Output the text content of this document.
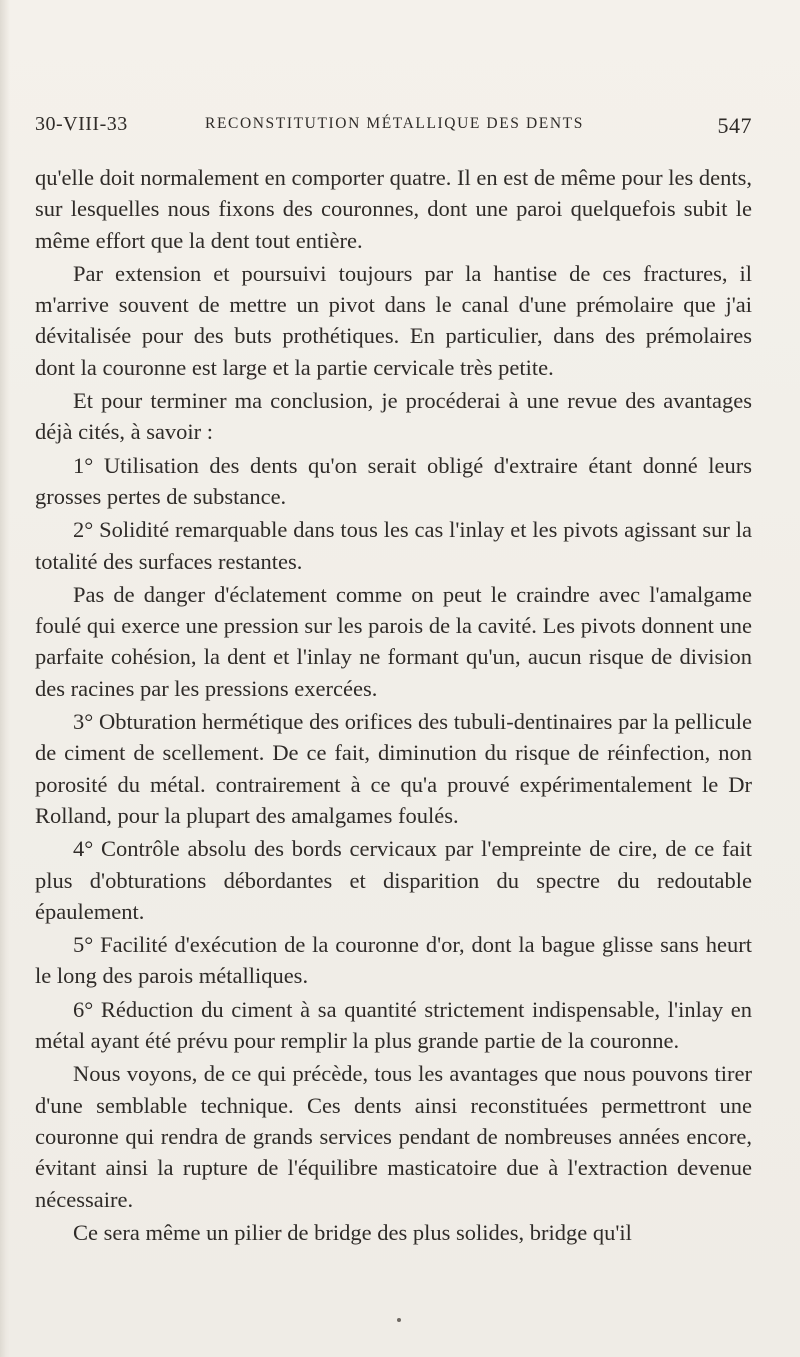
30-VIII-33	RECONSTITUTION MÉTALLIQUE DES DENTS	547

qu'elle doit normalement en comporter quatre. Il en est de même pour les dents, sur lesquelles nous fixons des couronnes, dont une paroi quelquefois subit le même effort que la dent tout entière.

Par extension et poursuivi toujours par la hantise de ces fractures, il m'arrive souvent de mettre un pivot dans le canal d'une prémolaire que j'ai dévitalisée pour des buts prothétiques. En particulier, dans des prémolaires dont la couronne est large et la partie cervicale très petite.

Et pour terminer ma conclusion, je procéderai à une revue des avantages déjà cités, à savoir :

1° Utilisation des dents qu'on serait obligé d'extraire étant donné leurs grosses pertes de substance.

2° Solidité remarquable dans tous les cas l'inlay et les pivots agissant sur la totalité des surfaces restantes.

Pas de danger d'éclatement comme on peut le craindre avec l'amalgame foulé qui exerce une pression sur les parois de la cavité. Les pivots donnent une parfaite cohésion, la dent et l'inlay ne formant qu'un, aucun risque de division des racines par les pressions exercées.

3° Obturation hermétique des orifices des tubuli-dentinaires par la pellicule de ciment de scellement. De ce fait, diminution du risque de réinfection, non porosité du métal. contrairement à ce qu'a prouvé expérimentalement le Dr Rolland, pour la plupart des amalgames foulés.

4° Contrôle absolu des bords cervicaux par l'empreinte de cire, de ce fait plus d'obturations débordantes et disparition du spectre du redoutable épaulement.

5° Facilité d'exécution de la couronne d'or, dont la bague glisse sans heurt le long des parois métalliques.

6° Réduction du ciment à sa quantité strictement indispensable, l'inlay en métal ayant été prévu pour remplir la plus grande partie de la couronne.

Nous voyons, de ce qui précède, tous les avantages que nous pouvons tirer d'une semblable technique. Ces dents ainsi reconstituées permettront une couronne qui rendra de grands services pendant de nombreuses années encore, évitant ainsi la rupture de l'équilibre masticatoire due à l'extraction devenue nécessaire.

Ce sera même un pilier de bridge des plus solides, bridge qu'il
